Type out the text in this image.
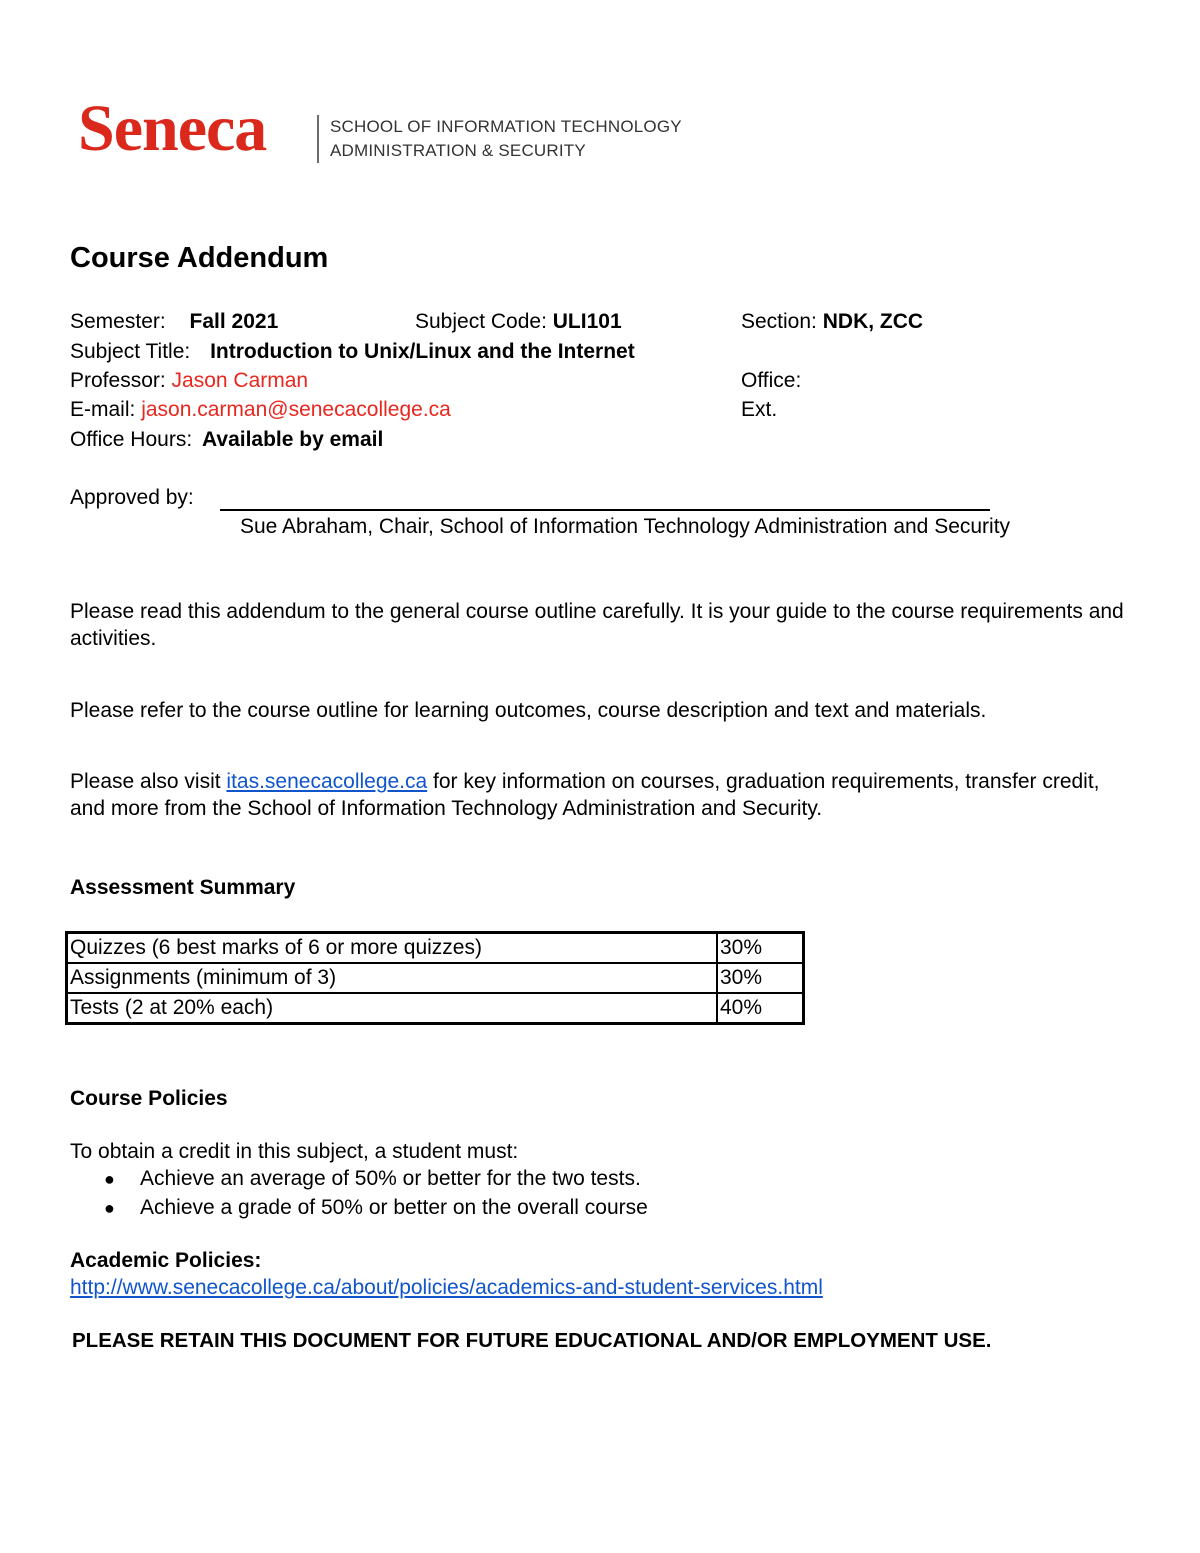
Seneca	SCHOOL OF INFORMATION TECHNOLOGY
ADMINISTRATION & SECURITY
Course Addendum
Semester: Fall 2021	Subject Code: ULI101	Section: NDK, ZCC
Subject Title: Introduction to Unix/Linux and the Internet
Professor: Jason Carman	Office:
E-mail: jason.carman@senecacollege.ca	Ext.
Office Hours: Available by email
Approved by:
Sue Abraham, Chair, School of Information Technology Administration and Security
Please read this addendum to the general course outline carefully. It is your guide to the course requirements and activities.
Please refer to the course outline for learning outcomes, course description and text and materials.
Please also visit itas.senecacollege.ca for key information on courses, graduation requirements, transfer credit, and more from the School of Information Technology Administration and Security.
Assessment Summary
Quizzes (6 best marks of 6 or more quizzes)	30%
Assignments (minimum of 3)	30%
Tests (2 at 20% each)	40%
Course Policies
To obtain a credit in this subject, a student must:
● Achieve an average of 50% or better for the two tests.
● Achieve a grade of 50% or better on the overall course
Academic Policies:
http://www.senecacollege.ca/about/policies/academics-and-student-services.html
PLEASE RETAIN THIS DOCUMENT FOR FUTURE EDUCATIONAL AND/OR EMPLOYMENT USE.
